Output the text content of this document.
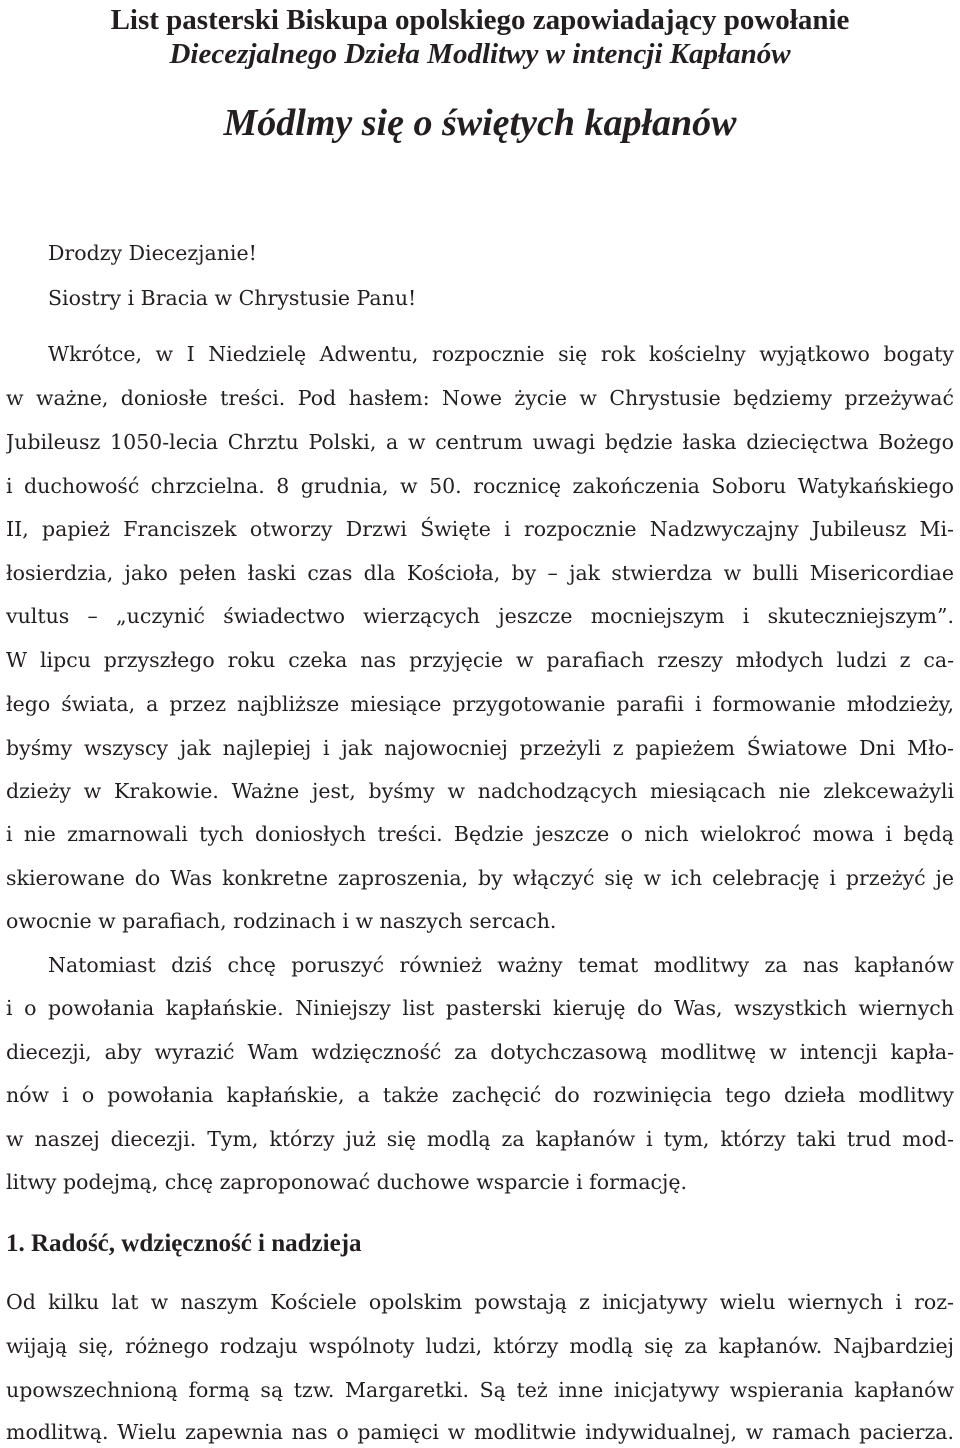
List pasterski Biskupa opolskiego zapowiadający powołanie
Diecezjalnego Dzieła Modlitwy w intencji Kapłanów
Módlmy się o świętych kapłanów
Drodzy Diecezjanie!
Siostry i Bracia w Chrystusie Panu!
Wkrótce, w I Niedzielę Adwentu, rozpocznie się rok kościelny wyjątkowo bogaty
w ważne, doniosłe treści. Pod hasłem: Nowe życie w Chrystusie będziemy przeżywać
Jubileusz 1050-lecia Chrztu Polski, a w centrum uwagi będzie łaska dziecięctwa Bożego
i duchowość chrzcielna. 8 grudnia, w 50. rocznicę zakończenia Soboru Watykańskiego
II, papież Franciszek otworzy Drzwi Święte i rozpocznie Nadzwyczajny Jubileusz Mi-
łosierdzia, jako pełen łaski czas dla Kościoła, by – jak stwierdza w bulli Misericordiae
vultus – „uczynić świadectwo wierzących jeszcze mocniejszym i skuteczniejszym”.
W lipcu przyszłego roku czeka nas przyjęcie w parafiach rzeszy młodych ludzi z ca-
łego świata, a przez najbliższe miesiące przygotowanie parafii i formowanie młodzieży,
byśmy wszyscy jak najlepiej i jak najowocniej przeżyli z papieżem Światowe Dni Mło-
dzieży w Krakowie. Ważne jest, byśmy w nadchodzących miesiącach nie zlekceważyli
i nie zmarnowali tych doniosłych treści. Będzie jeszcze o nich wielokroć mowa i będą
skierowane do Was konkretne zaproszenia, by włączyć się w ich celebrację i przeżyć je
owocnie w parafiach, rodzinach i w naszych sercach.
Natomiast dziś chcę poruszyć również ważny temat modlitwy za nas kapłanów
i o powołania kapłańskie. Niniejszy list pasterski kieruję do Was, wszystkich wiernych
diecezji, aby wyrazić Wam wdzięczność za dotychczasową modlitwę w intencji kapła-
nów i o powołania kapłańskie, a także zachęcić do rozwinięcia tego dzieła modlitwy
w naszej diecezji. Tym, którzy już się modlą za kapłanów i tym, którzy taki trud mod-
litwy podejmą, chcę zaproponować duchowe wsparcie i formację.
1. Radość, wdzięczność i nadzieja
Od kilku lat w naszym Kościele opolskim powstają z inicjatywy wielu wiernych i roz-
wijają się, różnego rodzaju wspólnoty ludzi, którzy modlą się za kapłanów. Najbardziej
upowszechnioną formą są tzw. Margaretki. Są też inne inicjatywy wspierania kapłanów
modlitwą. Wielu zapewnia nas o pamięci w modlitwie indywidualnej, w ramach pacierza.
